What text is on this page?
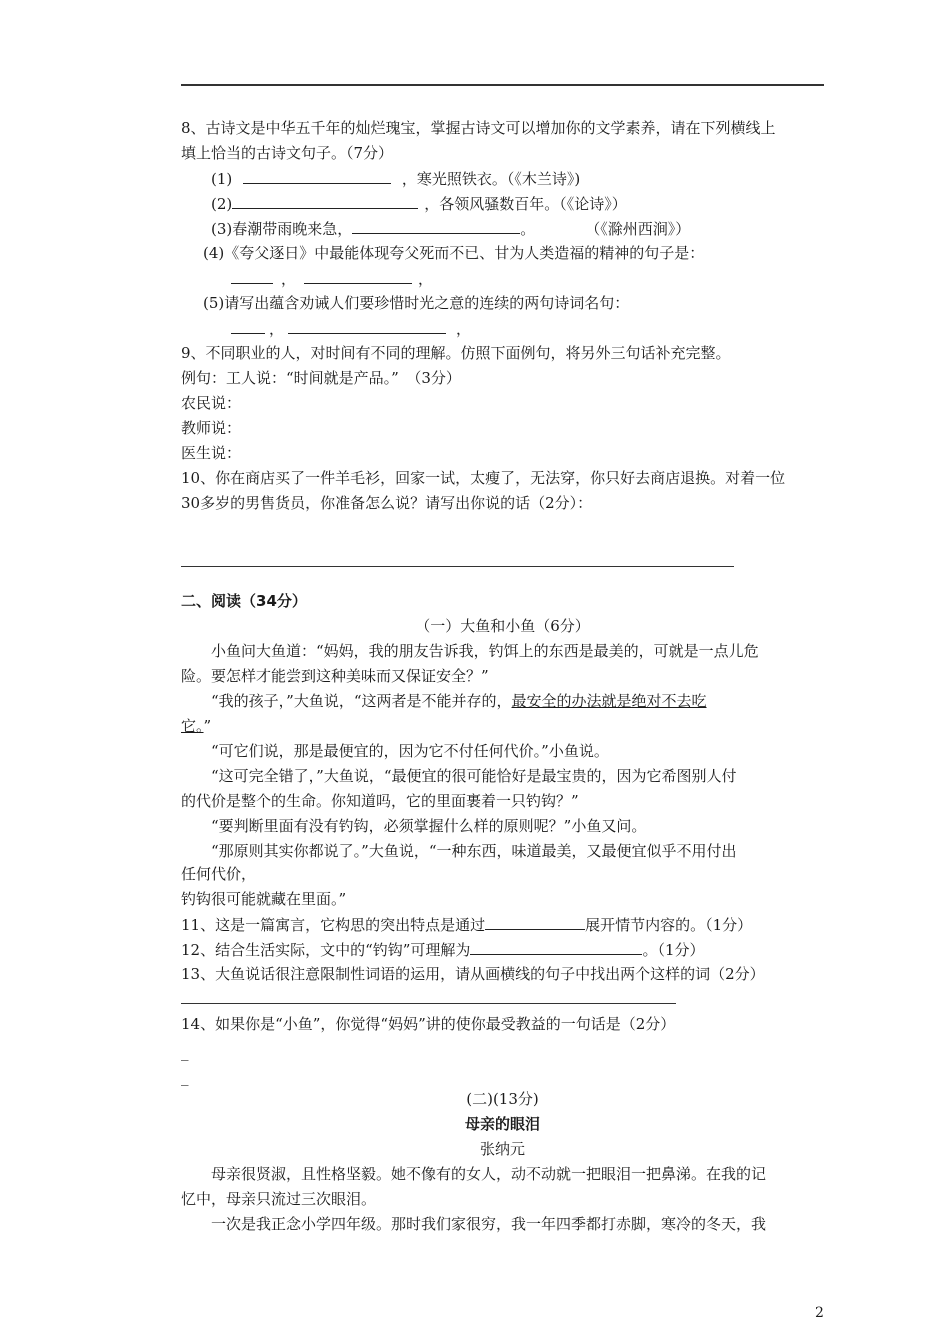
8、古诗文是中华五千年的灿烂瑰宝，掌握古诗文可以增加你的文学素养，请在下列横线上
填上恰当的古诗文句子。（7分）
(1)	，寒光照铁衣。（《木兰诗》)
(2)	，各领风骚数百年。（《论诗》）
(3)春潮带雨晚来急，	。	（《滁州西涧》）
(4)《夸父逐日》中最能体现夸父死而不已、甘为人类造福的精神的句子是：
，	，
(5)请写出蕴含劝诫人们要珍惜时光之意的连续的两句诗词名句：
，	，
9、不同职业的人，对时间有不同的理解。仿照下面例句，将另外三句话补充完整。
例句：工人说：“时间就是产品。”　（3分）
农民说：
教师说：
医生说：
10、你在商店买了一件羊毛衫，回家一试，太瘦了，无法穿，你只好去商店退换。对着一位
30多岁的男售货员，你准备怎么说？请写出你说的话（2分）：
二、阅读（34分）
（一）大鱼和小鱼（6分）
小鱼问大鱼道：“妈妈，我的朋友告诉我，钓饵上的东西是最美的，可就是一点儿危
险。要怎样才能尝到这种美味而又保证安全？”
“我的孩子，”大鱼说，“这两者是不能并存的，最安全的办法就是绝对不去吃
它。”
“可它们说，那是最便宜的，因为它不付任何代价。”小鱼说。
“这可完全错了，”大鱼说，“最便宜的很可能恰好是最宝贵的，因为它希图别人付
的代价是整个的生命。你知道吗，它的里面裹着一只钓钩？”
“要判断里面有没有钓钩，必须掌握什么样的原则呢？”小鱼又问。
“那原则其实你都说了。”大鱼说，“一种东西，味道最美，又最便宜似乎不用付出
任何代价，
钓钩很可能就藏在里面。”
11、这是一篇寓言，它构思的突出特点是通过	展开情节内容的。（1分）
12、结合生活实际，文中的“钓钩”可理解为	。（1分）
13、大鱼说话很注意限制性词语的运用，请从画横线的句子中找出两个这样的词（2分）
14、如果你是“小鱼”，你觉得“妈妈”讲的使你最受教益的一句话是（2分）
_
_
(二)(13分)
母亲的眼泪
张纳元
母亲很贤淑，且性格坚毅。她不像有的女人，动不动就一把眼泪一把鼻涕。在我的记
忆中，母亲只流过三次眼泪。
一次是我正念小学四年级。那时我们家很穷，我一年四季都打赤脚，寒冷的冬天，我
2
